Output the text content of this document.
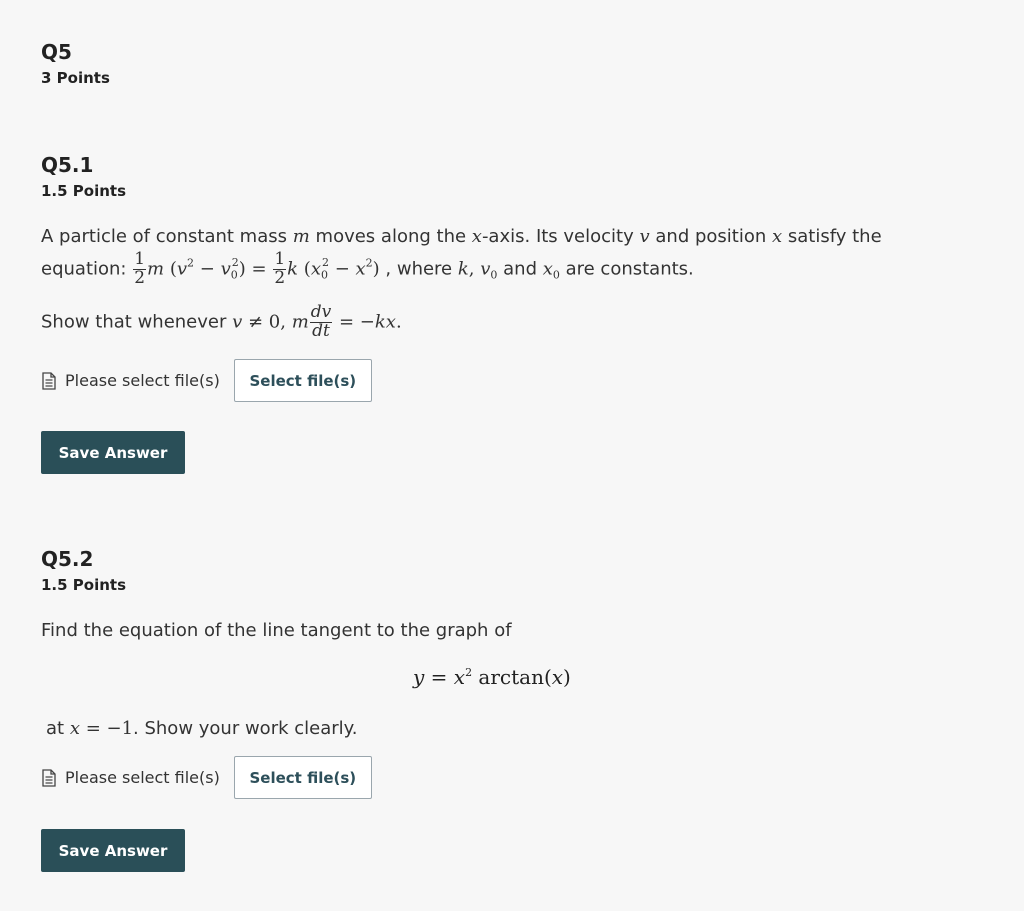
Q5
3 Points
Q5.1
1.5 Points

A particle of constant mass m moves along the x-axis. Its velocity v and position x satisfy the

equation: $\frac{1}{2}$ m $(v^2 - v_0^2) = \frac{1}{2}$ k $(x_0^2 - x^2)$ , where k, $v_0$ and $x_0$ are constants.

Show that whenever v ≠ 0, m $\frac{dv}{dt} = -kx$.

Please select file(s)	Select file(s)
Save Answer
Q5.2
1.5 Points

Find the equation of the line tangent to the graph of

$y = x^2$ arctan(x)

at x = −1. Show your work clearly.

Please select file(s)	Select file(s)
Save Answer
